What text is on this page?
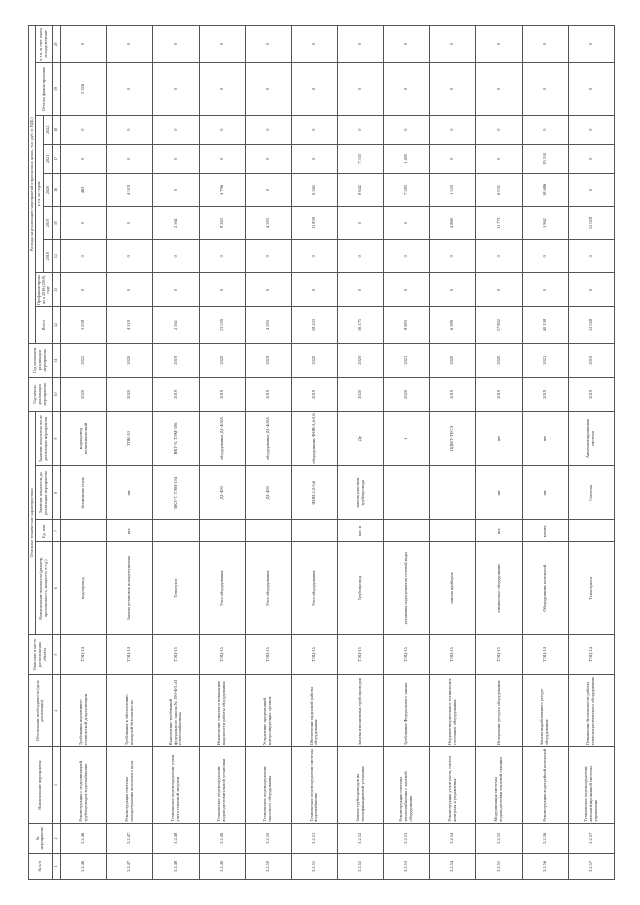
№ п/п	№ мероприятия	Наименование мероприятия	Обоснование необходимости (цель реализации)	Описание и место расположения объекта	Основные технические характеристики				Год начала реализации мероприятия	Год окончания реализации мероприятия	Расходы на реализацию мероприятий в прогнозных ценах, тыс. руб. (с НДС)								
					Наименование показателя (диаметр, протяженность, мощность и т.д.)	Ед. изм.	Значение показателя до реализации мероприятия	Значение показателя после реализации мероприятия			Всего	Профинансировано к 2018 (2019) году	в т.ч. по годам					Остаток финансирования	в т.ч. за счет платы за подключение
													2018	2019	2020	2021	2022		
1	2	3	4	5	6	7	8	9	10	11	12	13	14	15	16	17	18	19	20
3.2.46	3.2.46	Реконструкция с модернизацией трубопроводов водоснабжения	Требования нормативно-технической документации	ТЭЦ-14	водопровод		бесшовная сталь	водопровод полиэтиленовый	2020	2022	3 058	0	0	0	463	0	0	3 326	0
3.2.47	3.2.47	Реконструкция системы пожаротушения котельного цеха	Требования к обеспечению пожарной безопасности	ТЭЦ-14	Замена установок пожаротушения	шт.	шт	ТПК-10	2020	2020	4 519	0	0	0	4 519	0	0	0	0
3.2.48	3.2.48	Техническое перевооружение узлов учета тепловой энергии	Выполнение требований федерального закона № 190-ФЗ «О теплоснабжении»	ТЭЦ-15	Теплоузел		ВКТ-7, ТЭМ-104	ВКТ-9, ТЭМ-106	2019	2019	2 561	0	0	2 561	0	0	0	0	0
3.2.49	3.2.49	Техническое перевооружение водоподготовительной установки	Исключение отказов и повышение надежности работы оборудования	ТЭЦ-15	Узел оборудования		Д1-400	оборудование Д1-400А	2019	2020	13 059	0	0	8 263	4 796	0	0	0	0
3.2.50	3.2.50	Техническое перевооружение насосного оборудования	Устранение предписаний контролирующих органов	ТЭЦ-15	Узел оборудования		Д1-400	оборудование Д1-400А	2019	2019	4 593	0	0	4 593	0	0	0	0	0
3.2.51	3.2.51	Техническое перевооружение системы водоснабжения	Обеспечение надежной работы оборудования	ТЭЦ-15	Узел оборудования		ФОВ-2,0-0,6	оборудование ФОВ-3,4-0,6	2019	2020	18 223	0	0	11 858	6 365	0	0	0	0
3.2.52	3.2.52	Замена трубопроводов на теплофикационной установке	Замена изношенных трубопроводов	ТЭЦ-15	Трубопровод	пог. м	замена участков трубопровода	Ду	2020	2020	16 175	0	0	0	8 642	7 533	0	0	0
3.2.53	3.2.53	Реконструкция системы теплоснабжения с заменой оборудования	Требования Федерального закона	ТЭЦ-15	установка подогревателя сетевой воды			1	2020	2021	8 983	0	0	0	7 583	1 400	0	0	0
3.2.54	3.2.54	Реконструкция узлов учета, систем контроля и управления	Неудовлетворительное техническое состояние оборудования	ТЭЦ-15	замена приборов			ПДМТ-ТЕСЭ	2019	2020	6 389	0	0	4 869	1 520	0	0	0	0
3.2.55	3.2.55	Модернизация системы водоподготовки тепловой станции	Исчерпание ресурса оборудования	ТЭЦ-15	химическое оборудование	шт.	шт	шт	2019	2020	17 802	0	0	11 771	6 031	0	0	0	0
3.2.56	3.2.56	Реконструкция водогрейной котельной	Замена выработавшего ресурс оборудования	ТЭЦ-14	Оборудование котельной	компл.	шт	шт	2019	2021	40 158	0	0	1 962	18 686	19 510	0	0	0
3.2.57	3.2.57	Техническое перевооружение автоматизированной системы управления	Повышение безопасности работы теплоэнергетического оборудования	ТЭЦ-14	Теплотрасса		Система	Автоматизированная система	2019	2019	12 028	0	0	12 028	0	0	0	0	0
